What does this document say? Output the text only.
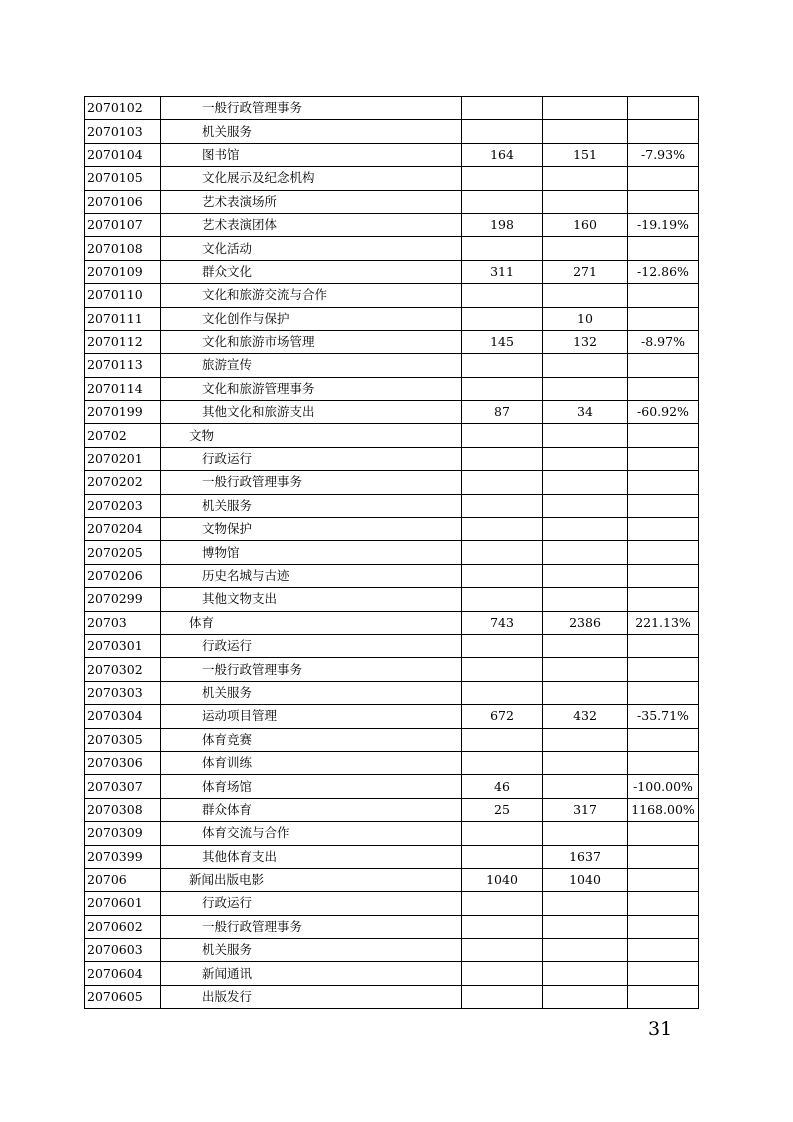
2070102	一般行政管理事务			
2070103	机关服务			
2070104	图书馆	164	151	-7.93%
2070105	文化展示及纪念机构			
2070106	艺术表演场所			
2070107	艺术表演团体	198	160	-19.19%
2070108	文化活动			
2070109	群众文化	311	271	-12.86%
2070110	文化和旅游交流与合作			
2070111	文化创作与保护		10	
2070112	文化和旅游市场管理	145	132	-8.97%
2070113	旅游宣传			
2070114	文化和旅游管理事务			
2070199	其他文化和旅游支出	87	34	-60.92%
20702	文物			
2070201	行政运行			
2070202	一般行政管理事务			
2070203	机关服务			
2070204	文物保护			
2070205	博物馆			
2070206	历史名城与古迹			
2070299	其他文物支出			
20703	体育	743	2386	221.13%
2070301	行政运行			
2070302	一般行政管理事务			
2070303	机关服务			
2070304	运动项目管理	672	432	-35.71%
2070305	体育竞赛			
2070306	体育训练			
2070307	体育场馆	46		-100.00%
2070308	群众体育	25	317	1168.00%
2070309	体育交流与合作			
2070399	其他体育支出		1637	
20706	新闻出版电影	1040	1040	
2070601	行政运行			
2070602	一般行政管理事务			
2070603	机关服务			
2070604	新闻通讯			
2070605	出版发行			
31
